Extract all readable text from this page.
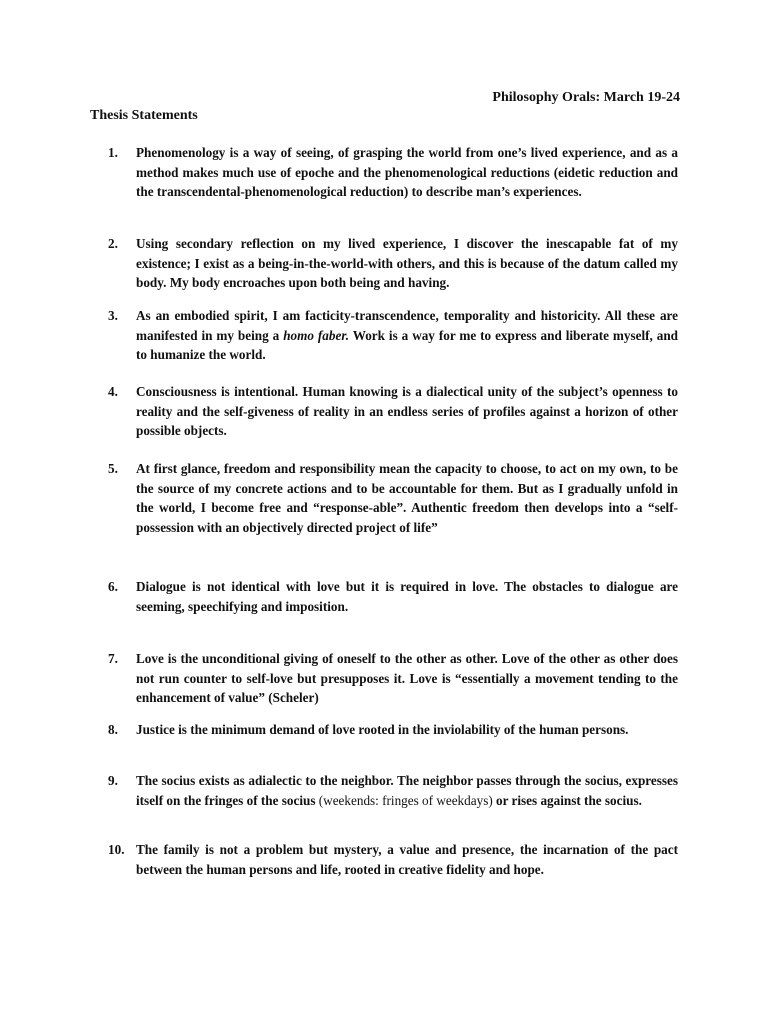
Philosophy Orals: March 19-24
Thesis Statements
1.	Phenomenology is a way of seeing, of grasping the world from one’s lived experience, and as a method makes much use of epoche and the phenomenological reductions (eidetic reduction and the transcendental-phenomenological reduction) to describe man’s experiences.
2.	Using secondary reflection on my lived experience, I discover the inescapable fat of my existence; I exist as a being-in-the-world-with others, and this is because of the datum called my body. My body encroaches upon both being and having.
3.	As an embodied spirit, I am facticity-transcendence, temporality and historicity. All these are manifested in my being a homo faber. Work is a way for me to express and liberate myself, and to humanize the world.
4.	Consciousness is intentional. Human knowing is a dialectical unity of the subject’s openness to reality and the self-giveness of reality in an endless series of profiles against a horizon of other possible objects.
5.	At first glance, freedom and responsibility mean the capacity to choose, to act on my own, to be the source of my concrete actions and to be accountable for them. But as I gradually unfold in the world, I become free and “response-able”. Authentic freedom then develops into a “self-possession with an objectively directed project of life”
6.	Dialogue is not identical with love but it is required in love. The obstacles to dialogue are seeming, speechifying and imposition.
7.	Love is the unconditional giving of oneself to the other as other. Love of the other as other does not run counter to self-love but presupposes it. Love is “essentially a movement tending to the enhancement of value” (Scheler)
8.	Justice is the minimum demand of love rooted in the inviolability of the human persons.
9.	The socius exists as adialectic to the neighbor. The neighbor passes through the socius, expresses itself on the fringes of the socius (weekends: fringes of weekdays) or rises against the socius.
10. The family is not a problem but mystery, a value and presence, the incarnation of the pact between the human persons and life, rooted in creative fidelity and hope.
